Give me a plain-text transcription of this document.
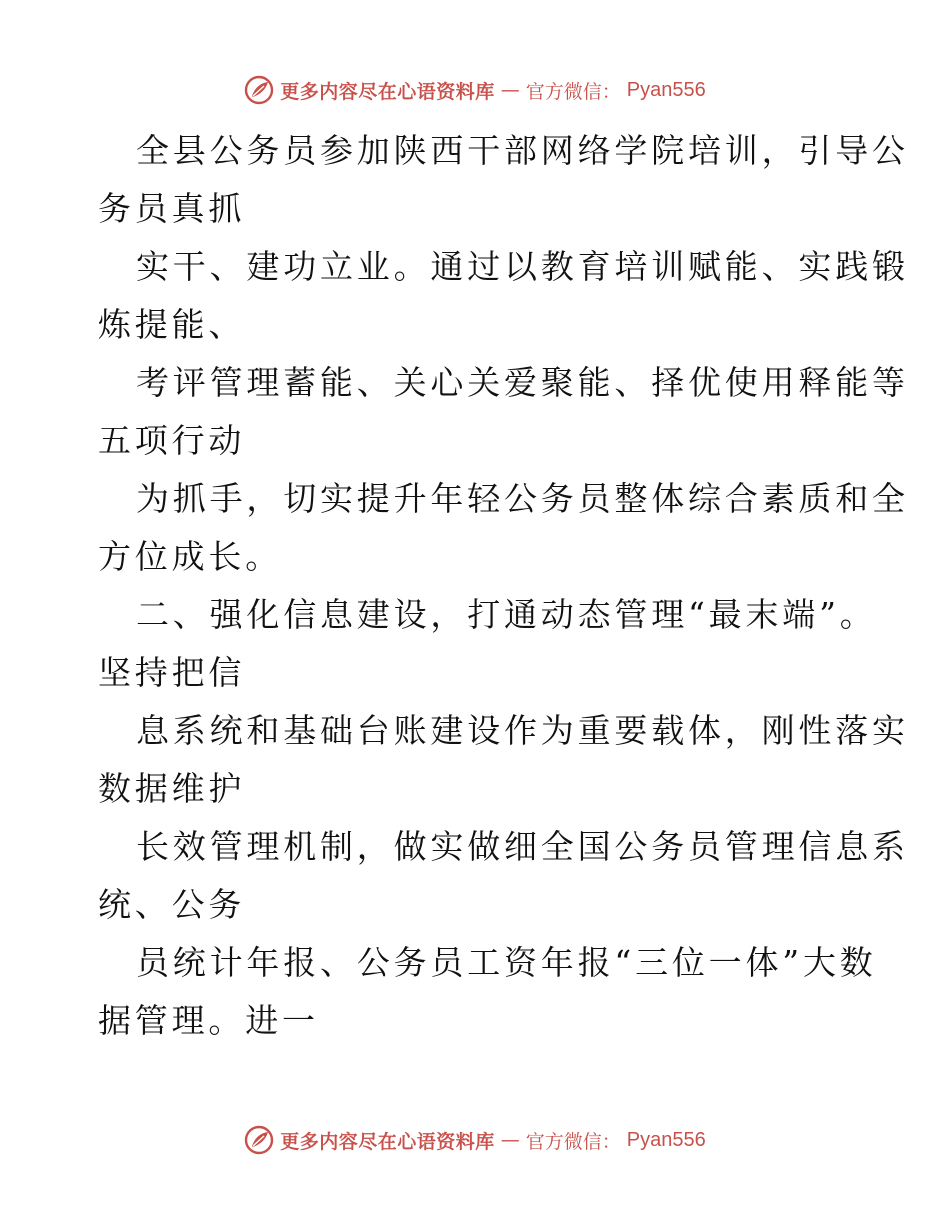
更多内容尽在心语资料库 — 官方微信： Pyan556
全县公务员参加陕西干部网络学院培训，引导公
务员真抓
实干、建功立业。通过以教育培训赋能、实践锻
炼提能、
考评管理蓄能、关心关爱聚能、择优使用释能等
五项行动
为抓手，切实提升年轻公务员整体综合素质和全
方位成长。
二、强化信息建设，打通动态管理“最末端”。
坚持把信
息系统和基础台账建设作为重要载体，刚性落实
数据维护
长效管理机制，做实做细全国公务员管理信息系
统、公务
员统计年报、公务员工资年报“三位一体”大数
据管理。进一
更多内容尽在心语资料库 — 官方微信： Pyan556
